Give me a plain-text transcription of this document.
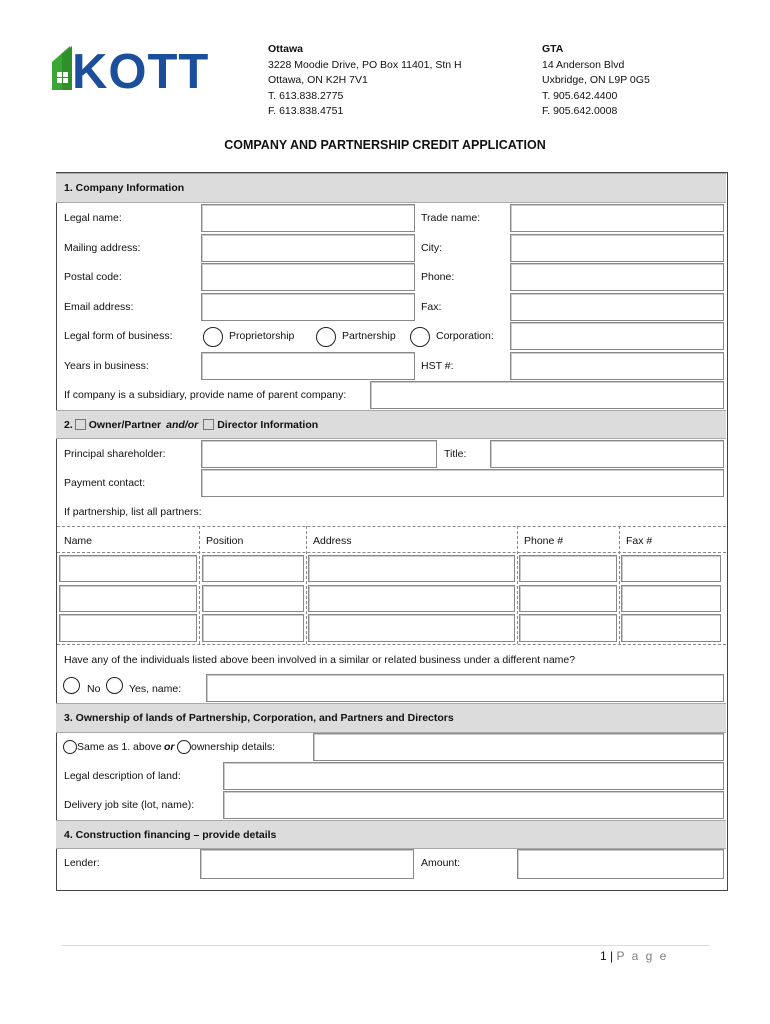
KOTT	Ottawa
3228 Moodie Drive, PO Box 11401, Stn H
Ottawa, ON K2H 7V1
T. 613.838.2775
F. 613.838.4751
GTA
14 Anderson Blvd
Uxbridge, ON L9P 0G5
T. 905.642.4400
F. 905.642.0008
COMPANY AND PARTNERSHIP CREDIT APPLICATION
1. Company Information
Legal name:	Trade name:
Mailing address:	City:
Postal code:	Phone:
Email address:	Fax:
Legal form of business:	Proprietorship	Partnership	Corporation:
Years in business:	HST #:
If company is a subsidiary, provide name of parent company:
2. Owner/Partner and/or Director Information
Principal shareholder:	Title:
Payment contact:
If partnership, list all partners:
Name	Position	Address	Phone #	Fax #
Have any of the individuals listed above been involved in a similar or related business under a different name?
No	Yes, name:
3. Ownership of lands of Partnership, Corporation, and Partners and Directors
Same as 1. above or ownership details:
Legal description of land:
Delivery job site (lot, name):
4. Construction financing – provide details
Lender:	Amount:
1 | P a g e
